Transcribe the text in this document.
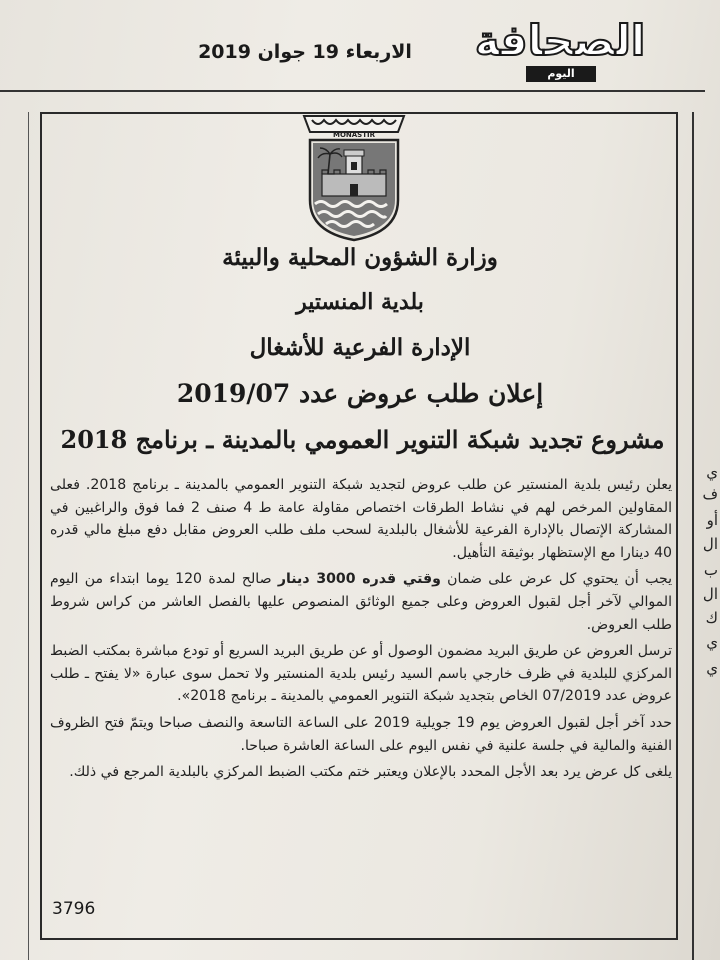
الاربعاء 19 جوان 2019	الصحافة
اليوم
ي
ف
أو
ال
ب
ال
ك
ي
ي
MONASTIR
وزارة الشؤون المحلية والبيئة
بلدية المنستير
الإدارة الفرعية للأشغال
إعلان طلب عروض عدد 2019/07
مشروع تجديد شبكة التنوير العمومي بالمدينة ـ برنامج 2018

يعلن رئيس بلدية المنستير عن طلب عروض لتجديد شبكة التنوير العمومي بالمدينة ـ برنامج 2018. فعلى المقاولين المرخص لهم في نشاط الطرقات اختصاص مقاولة عامة ط 4 صنف 2 فما فوق والراغبين في المشاركة الإتصال بالإدارة الفرعية للأشغال بالبلدية لسحب ملف طلب العروض مقابل دفع مبلغ مالي قدره 40 دينارا مع الإستظهار بوثيقة التأهيل.

يجب أن يحتوي كل عرض على ضمان وقتي قدره 3000 دينار صالح لمدة 120 يوما ابتداء من اليوم الموالي لآخر أجل لقبول العروض وعلى جميع الوثائق المنصوص عليها بالفصل العاشر من كراس شروط طلب العروض.

ترسل العروض عن طريق البريد مضمون الوصول أو عن طريق البريد السريع أو تودع مباشرة بمكتب الضبط المركزي للبلدية في ظرف خارجي باسم السيد رئيس بلدية المنستير ولا تحمل سوى عبارة «لا يفتح ـ طلب عروض عدد 07/2019 الخاص بتجديد شبكة التنوير العمومي بالمدينة ـ برنامج 2018».

حدد آخر أجل لقبول العروض يوم 19 جويلية 2019 على الساعة التاسعة والنصف صباحا ويتمّ فتح الظروف الفنية والمالية في جلسة علنية في نفس اليوم على الساعة العاشرة صباحا.

يلغى كل عرض يرد بعد الأجل المحدد بالإعلان ويعتبر ختم مكتب الضبط المركزي بالبلدية المرجع في ذلك.

3796
